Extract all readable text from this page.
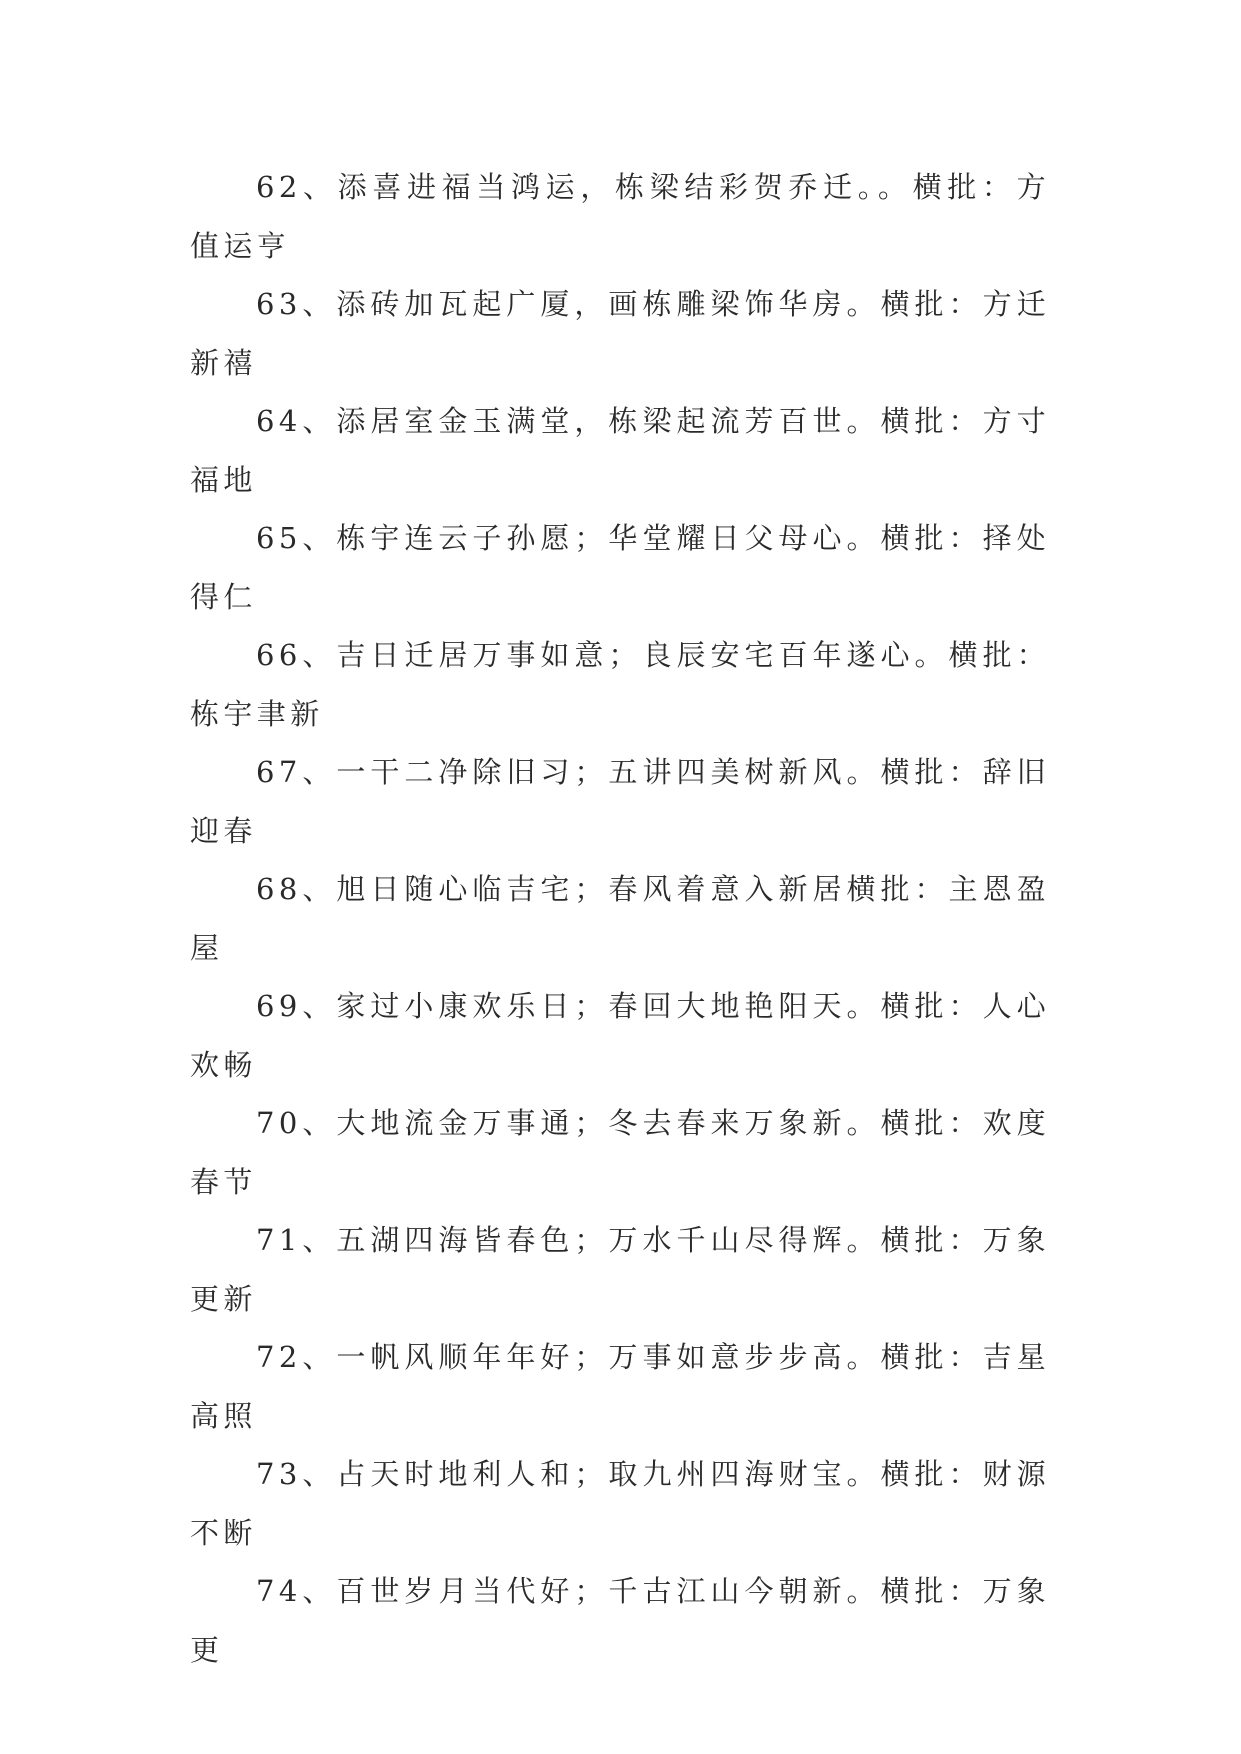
62、添喜进福当鸿运，栋梁结彩贺乔迁。。横批：方值运亨

63、添砖加瓦起广厦，画栋雕梁饰华房。横批：方迁新禧

64、添居室金玉满堂，栋梁起流芳百世。横批：方寸福地

65、栋宇连云子孙愿；华堂耀日父母心。横批：择处得仁

66、吉日迁居万事如意；良辰安宅百年遂心。横批：栋宇聿新

67、一干二净除旧习；五讲四美树新风。横批：辞旧迎春

68、旭日随心临吉宅；春风着意入新居横批：主恩盈屋

69、家过小康欢乐日；春回大地艳阳天。横批：人心欢畅

70、大地流金万事通；冬去春来万象新。横批：欢度春节

71、五湖四海皆春色；万水千山尽得辉。横批：万象更新

72、一帆风顺年年好；万事如意步步高。横批：吉星高照

73、占天时地利人和；取九州四海财宝。横批：财源不断

74、百世岁月当代好；千古江山今朝新。横批：万象更
